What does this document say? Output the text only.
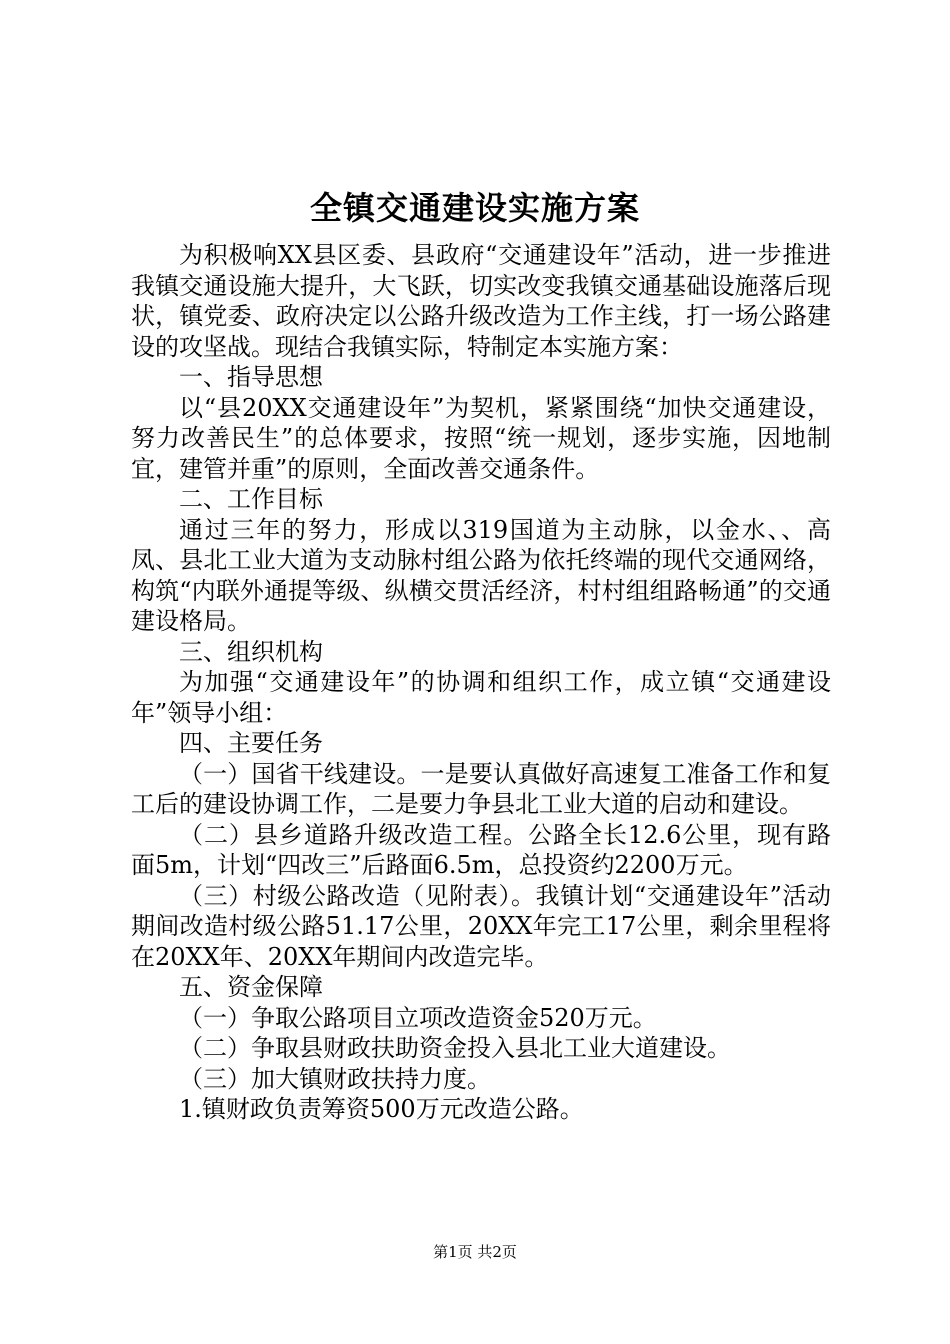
全镇交通建设实施方案

为积极响XX县区委、县政府“交通建设年”活动，进一步推进我镇交通设施大提升，大飞跃，切实改变我镇交通基础设施落后现状，镇党委、政府决定以公路升级改造为工作主线，打一场公路建设的攻坚战。现结合我镇实际，特制定本实施方案：

一、指导思想

以“县20XX交通建设年”为契机，紧紧围绕“加快交通建设，努力改善民生”的总体要求，按照“统一规划，逐步实施，因地制宜，建管并重”的原则，全面改善交通条件。

二、工作目标

通过三年的努力，形成以319国道为主动脉，以金水、、高凤、县北工业大道为支动脉村组公路为依托终端的现代交通网络，构筑“内联外通提等级、纵横交贯活经济，村村组组路畅通”的交通建设格局。

三、组织机构

为加强“交通建设年”的协调和组织工作，成立镇“交通建设年”领导小组：

四、主要任务

（一）国省干线建设。一是要认真做好高速复工准备工作和复工后的建设协调工作，二是要力争县北工业大道的启动和建设。

（二）县乡道路升级改造工程。公路全长12.6公里，现有路面5m，计划“四改三”后路面6.5m，总投资约2200万元。

（三）村级公路改造（见附表）。我镇计划“交通建设年”活动期间改造村级公路51.17公里，20XX年完工17公里，剩余里程将在20XX年、20XX年期间内改造完毕。

五、资金保障

（一）争取公路项目立项改造资金520万元。

（二）争取县财政扶助资金投入县北工业大道建设。

（三）加大镇财政扶持力度。

1.镇财政负责筹资500万元改造公路。

第1页 共2页
